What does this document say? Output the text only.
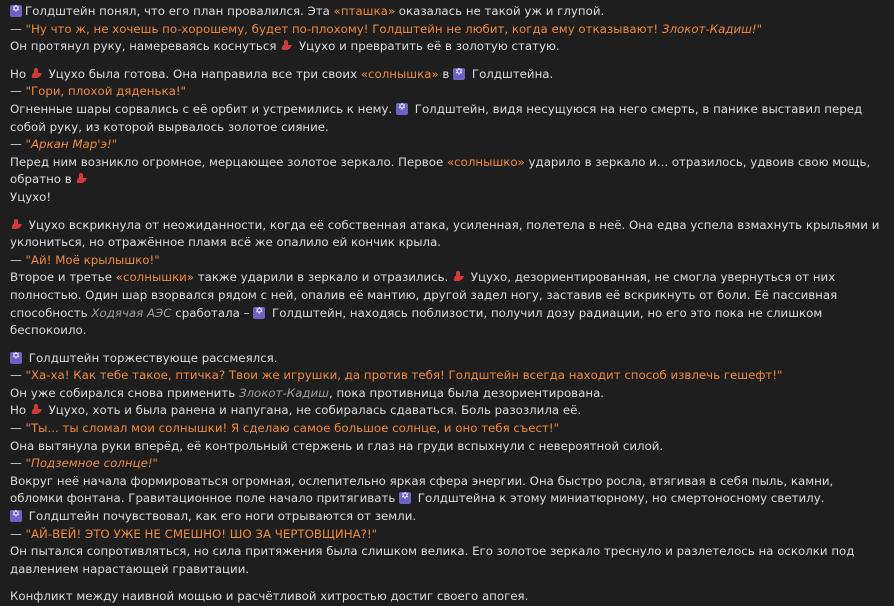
✡Голдштейн понял, что его план провалился. Эта «пташка» оказалась не такой уж и глупой.
— "Ну что ж, не хочешь по-хорошему, будет по-плохому! Голдштейн не любит, когда ему отказывают! Злокот-Кадиш!"
Он протянул руку, намереваясь коснуться  Уцухо и превратить её в золотую статую.
Но  Уцухо была готова. Она направила все три своих «солнышка» в ✡ Голдштейна.
— "Гори, плохой дяденька!"
Огненные шары сорвались с её орбит и устремились к нему. ✡ Голдштейн, видя несущуюся на него смерть, в панике выставил перед собой руку, из которой вырвалось золотое сияние.
— "Аркан Мар'э!"
Перед ним возникло огромное, мерцающее золотое зеркало. Первое «солнышко» ударило в зеркало и... отразилось, удвоив свою мощь, обратно в
Уцухо!
Уцухо вскрикнула от неожиданности, когда её собственная атака, усиленная, полетела в неё. Она едва успела взмахнуть крыльями и уклониться, но отражённое пламя всё же опалило ей кончик крыла.
— "Ай! Моё крылышко!"
Второе и третье «солнышки» также ударили в зеркало и отразились.  Уцухо, дезориентированная, не смогла увернуться от них полностью. Один шар взорвался рядом с ней, опалив её мантию, другой задел ногу, заставив её вскрикнуть от боли. Её пассивная способность Ходячая АЭС сработала – ✡ Голдштейн, находясь поблизости, получил дозу радиации, но его это пока не слишком беспокоило.
✡ Голдштейн торжествующе рассмеялся.
— "Ха-ха! Как тебе такое, птичка? Твои же игрушки, да против тебя! Голдштейн всегда находит способ извлечь гешефт!"
Он уже собирался снова применить Злокот-Кадиш, пока противница была дезориентирована.
Но  Уцухо, хоть и была ранена и напугана, не собиралась сдаваться. Боль разозлила её.
— "Ты... ты сломал мои солнышки! Я сделаю самое большое солнце, и оно тебя съест!"
Она вытянула руки вперёд, её контрольный стержень и глаз на груди вспыхнули с невероятной силой.
— "Подземное солнце!"
Вокруг неё начала формироваться огромная, ослепительно яркая сфера энергии. Она быстро росла, втягивая в себя пыль, камни, обломки фонтана. Гравитационное поле начало притягивать ✡ Голдштейна к этому миниатюрному, но смертоносному светилу.
✡ Голдштейн почувствовал, как его ноги отрываются от земли.
— "АЙ-ВЕЙ! ЭТО УЖЕ НЕ СМЕШНО! ШО ЗА ЧЕРТОВЩИНА?!"
Он пытался сопротивляться, но сила притяжения была слишком велика. Его золотое зеркало треснуло и разлетелось на осколки под давлением нарастающей гравитации.
Конфликт между наивной мощью и расчётливой хитростью достиг своего апогея.
